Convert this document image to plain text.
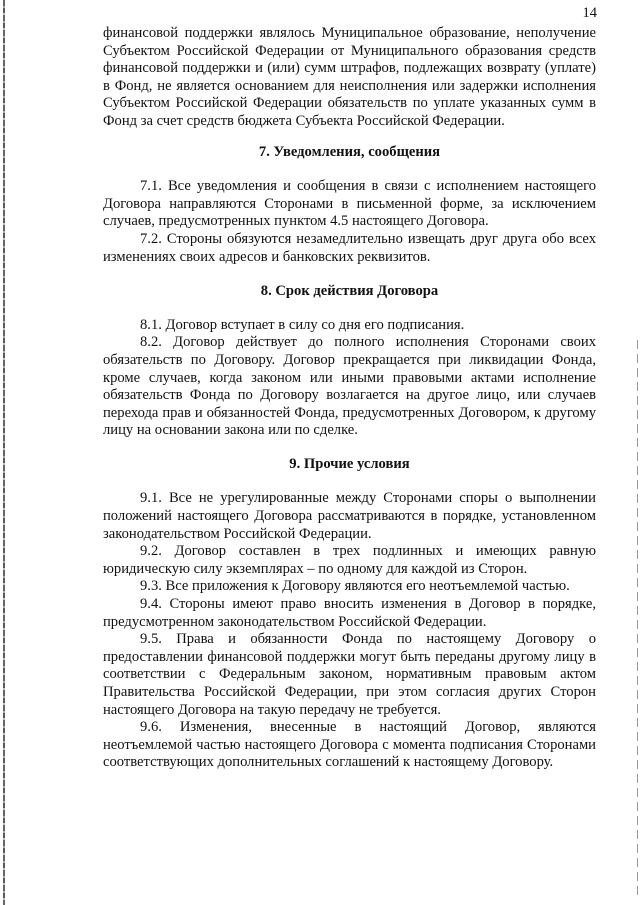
14

финансовой поддержки являлось Муниципальное образование, неполучение Субъектом Российской Федерации от Муниципального образования средств финансовой поддержки и (или) сумм штрафов, подлежащих возврату (уплате) в Фонд, не является основанием для неисполнения или задержки исполнения Субъектом Российской Федерации обязательств по уплате указанных сумм в Фонд за счет средств бюджета Субъекта Российской Федерации.

7. Уведомления, сообщения

7.1. Все уведомления и сообщения в связи с исполнением настоящего Договора направляются Сторонами в письменной форме, за исключением случаев, предусмотренных пунктом 4.5 настоящего Договора.

7.2. Стороны обязуются незамедлительно извещать друг друга обо всех изменениях своих адресов и банковских реквизитов.

8. Срок действия Договора

8.1. Договор вступает в силу со дня его подписания.

8.2. Договор действует до полного исполнения Сторонами своих обязательств по Договору. Договор прекращается при ликвидации Фонда, кроме случаев, когда законом или иными правовыми актами исполнение обязательств Фонда по Договору возлагается на другое лицо, или случаев перехода прав и обязанностей Фонда, предусмотренных Договором, к другому лицу на основании закона или по сделке.

9. Прочие условия

9.1. Все не урегулированные между Сторонами споры о выполнении положений настоящего Договора рассматриваются в порядке, установленном законодательством Российской Федерации.

9.2. Договор составлен в трех подлинных и имеющих равную юридическую силу экземплярах – по одному для каждой из Сторон.

9.3. Все приложения к Договору являются его неотъемлемой частью.

9.4. Стороны имеют право вносить изменения в Договор в порядке, предусмотренном законодательством Российской Федерации.

9.5. Права и обязанности Фонда по настоящему Договору о предоставлении финансовой поддержки могут быть переданы другому лицу в соответствии с Федеральным законом, нормативным правовым актом Правительства Российской Федерации, при этом согласия других Сторон настоящего Договора на такую передачу не требуется.

9.6. Изменения, внесенные в настоящий Договор, являются неотъемлемой частью настоящего Договора с момента подписания Сторонами соответствующих дополнительных соглашений к настоящему Договору.
